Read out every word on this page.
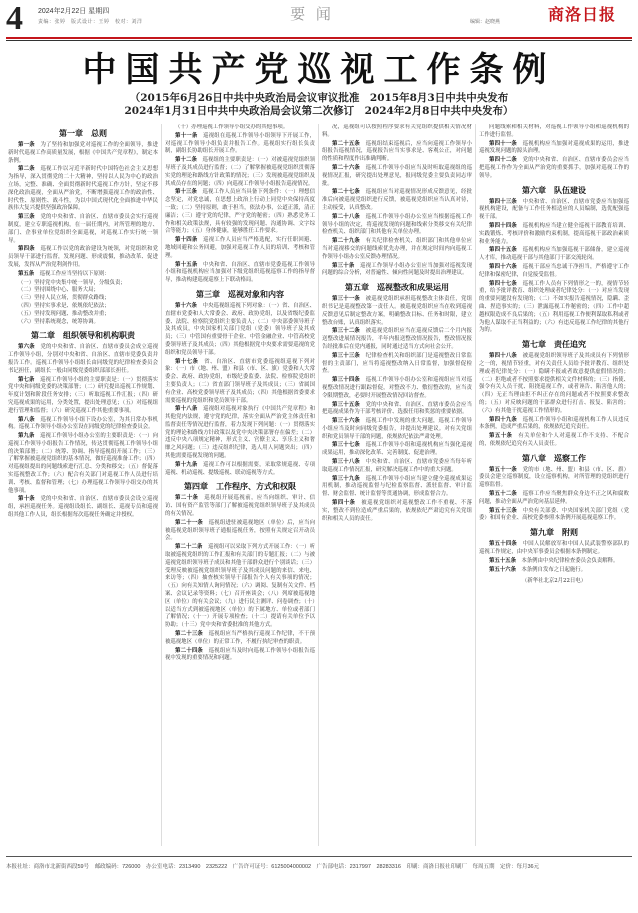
4 2024年2月22日 星期四
责编：张婷　版式设计：王婷　校对：刘洋	要 闻	编辑：赵晓燕	商洛日报
中国共产党巡视工作条例
（2015年6月26日中共中央政治局会议审议批准　2015年8月3日中共中央发布
2024年1月31日中共中央政治局会议第二次修订　2024年2月8日中共中央发布）

第一章　总则

第一条　 为了坚持和加强党对巡视工作的全面领导，推进新时代巡视工作高质量发展，根据《中国共产党章程》，制定本条例。

第二条　 巡视工作以习近平新时代中国特色社会主义思想为指导，深入贯彻党的二十大精神，坚持以人民为中心的政治立场，完整、准确、全面贯彻新时代巡视工作方针，坚定不移深化政治巡视，全面从严治党，不断增强巡视工作的政治性、时代性、原则性、战斗性，为以中国式现代化全面推进中华民族伟大复兴提供坚强政治保障。

第三条　 党的中央和省、自治区、直辖市委员会实行巡视制度，建立专职巡视机构，在一届任期内，对所管理的地方、部门、企事业单位党组织全面巡视，对巡视工作实行统一领导。

第四条　 巡视工作以党的政治建设为统领，对党组织和党员领导干部进行监督，发现问题、形成震慑，推动改革、促进发展，发挥从严治党利剑作用。

第五条　 巡视工作应当坚持以下原则：

（一）坚持党中央集中统一领导，分级负责；

（二）坚持围绕中心、服务大局；

（三）坚持人民立场，贯彻群众路线；

（四）坚持实事求是、依规依纪依法；

（五）坚持发现问题、推动整改并重；

（六）坚持系统观念，统筹协调。

第二章　组织领导和机构职责

第六条　 党的中央和省、自治区、直辖市委员会成立巡视工作领导小组，分别对中央和省、自治区、直辖市党委负责并报告工作。巡视工作领导小组组长由同级党的纪律检查委员会书记担任，副组长一般由同级党委组织部部长担任。

第七条　 巡视工作领导小组的主要职责是：（一）贯彻落实党中央和同级党委的决策部署；（二）研究提出巡视工作规划、年度计划和阶段任务安排；（三）听取巡视工作汇报；（四）研究巡视成果的运用，分类处置，提出处理意见；（五）对巡视组进行管理和监督；（六）研究巡视工作其他重要事项。

第八条　 巡视工作领导小组下设办公室，为其日常办事机构。巡视工作领导小组办公室设在同级党的纪律检查委员会。

第九条　 巡视工作领导小组办公室的主要职责是：（一）向巡视工作领导小组报告工作情况，传达贯彻巡视工作领导小组的决策部署；（二）统筹、协调、指导巡视组开展工作；（三）了解掌握被巡视党组织的基本情况，做好巡视准备工作；（四）对巡视组提出的问题线索进行汇总、分类和移交；（五）督促落实巡视整改工作；（六）配合有关部门对巡视工作人员进行培训、考核、监督和管理；（七）办理巡视工作领导小组交办的其他事项。

第十条　 党的中央和省、自治区、直辖市委员会设立巡视组，承担巡视任务。巡视组设组长、副组长、巡视专员和巡视组其他工作人员，组长根据每次巡视任务确定并授权。

（十）办理巡视工作领导小组交办的其他事项。

第十一条　 巡视组在巡视工作领导小组领导下开展工作，对巡视工作领导小组负责并报告工作。巡视组实行组长负责制，副组长协助组长开展工作。

第十二条　 巡视组的主要职责是：（一）对被巡视党组织领导班子及其成员进行监督；（二）了解掌握被巡视党组织贯彻落实党的理论和路线方针政策的情况；（三）发现被巡视党组织及其成员存在的问题；（四）向巡视工作领导小组报告巡视情况。

第十三条　 巡视工作人员应当具备下列条件：（一）理想信念坚定，对党忠诚，在思想上政治上行动上同党中央保持高度一致；（二）坚持原则，敢于担当，依法办事，公道正派，清正廉洁；（三）遵守党的纪律，严守党的秘密；（四）熟悉党务工作和相关政策法规，具有较强的发现问题、沟通协调、文字综合等能力；（五）身体健康，能够胜任工作要求。

第十四条　 巡视工作人员应当严格选配，实行任职回避、地域回避和公务回避，加强对巡视工作人员的培训、考核和管理。

第十五条　 中央和省、自治区、直辖市党委巡视工作领导小组和巡视机构应当加强对下级党组织巡视巡察工作的指导督导，推动构建巡视巡察上下联动格局。

第三章　巡视对象和内容

第十六条　 中央巡视组巡视下列对象：（一）省、自治区、直辖市党委和人大常委会、政府、政协党组，以及省级纪委监委、法院、检察院党组织主要负责人；（二）中央部委领导班子及其成员，中央国家机关部门党组（党委）领导班子及其成员；（三）中管国有重要骨干企业、中管金融企业、中管高校党委领导班子及其成员；（四）其他根据党中央要求需要巡视的党组织和党员领导干部。

第十七条　 省、自治区、直辖市党委巡视组巡视下列对象：（一）市（地、州、盟）和县（市、区、旗）党委和人大常委会、政府、政协党组，市级纪委监委、法院、检察院党组织主要负责人；（二）省直部门领导班子及其成员；（三）省属国有企业、高校党委领导班子及其成员；（四）其他根据省委要求需要巡视的党组织和党员领导干部。

第十八条　 巡视组对巡视对象执行《中国共产党章程》和其他党内法规，遵守党的纪律，落实全面从严治党主体责任和监督责任等情况进行监督，着力发现下列问题：（一）贯彻落实党的理论和路线方针政策以及党中央决策部署存在偏差；（二）违反中央八项规定精神，形式主义、官僚主义、享乐主义和奢靡之风问题；（三）违反组织纪律，选人用人问题突出；（四）其他需要巡视发现的问题。

第十九条　 巡视工作可以根据需要，采取常规巡视、专项巡视、机动巡视、提级巡视、联动巡视等方式。

第四章　工作程序、方式和权限

第二十条　 巡视组开展巡视前，应当向组织、审计、信访、国有资产监管等部门了解被巡视党组织领导班子及其成员的有关情况。

第二十一条　 巡视组进驻被巡视地区（单位）后，应当向被巡视党组织领导班子通报巡视任务，按照有关规定召开动员会。

第二十二条　 巡视组可以采取下列方式开展工作：（一）听取被巡视党组织的工作汇报和有关部门的专题汇报；（二）与被巡视党组织领导班子成员和其他干部群众进行个别谈话；（三）受理反映被巡视党组织领导班子及其成员问题的来信、来电、来访等；（四）抽查核实领导干部报告个人有关事项的情况；（五）向有关知情人询问情况；（六）调阅、复制有关文件、档案、会议记录等资料；（七）召开座谈会；（八）列席被巡视地区（单位）的有关会议；（九）进行民主测评、问卷调查；（十）以适当方式到被巡视地区（单位）的下属地方、单位或者部门了解情况；（十一）开展专项检查；（十二）提请有关单位予以协助；（十三）党中央和省委批准的其他方式。

第二十三条　 巡视组应当严格执行巡视工作纪律，不干预被巡视地区（单位）的正常工作，不履行执纪审查的职责。

第二十四条　 巡视组应当及时向巡视工作领导小组报告巡视中发现的重要情况和问题。

况，巡视组可以按照程序要求有关党组织提供相关情况材料。

第二十五条　 巡视组结束巡视后，应当向巡视工作领导小组报告巡视情况，巡视报告应当实事求是、客观公正，对问题的性质和程度作出准确判断。

第二十六条　 巡视工作领导小组应当及时听取巡视组的巡视情况汇报，研究提出处理意见，报同级党委主要负责同志审批。

第二十七条　 巡视组应当对巡视情况形成反馈意见，经批准后向被巡视党组织进行反馈，被巡视党组织应当认真对待，主动接受，认真整改。

第二十八条　 巡视工作领导小组办公室应当根据巡视工作领导小组的决定，将巡视发现的问题和线索分类移交有关纪律检查机关、组织部门和其他有关单位办理。

第二十九条　 有关纪律检查机关、组织部门和其他单位应当对巡视移交的问题线索优先办理，并在规定时间内向巡视工作领导小组办公室反馈办理情况。

第三十条　 巡视工作领导小组办公室应当加强对巡视发现问题的综合分析，对普遍性、倾向性问题及时提出治理建议。

第五章　巡视整改和成果运用

第三十一条　 被巡视党组织承担巡视整改主体责任，党组织书记是巡视整改第一责任人。被巡视党组织应当在收到巡视反馈意见后制定整改方案，明确整改目标、任务和时限，建立整改台账，认真组织落实。

第三十二条　 被巡视党组织应当在巡视反馈后二个月内报送整改进展情况报告，半年内报送整改情况报告，整改情况报告经批准后在党内通报，同时通过适当方式向社会公开。

第三十三条　 纪律检查机关和组织部门是巡视整改日常监督的主责部门，应当将巡视整改纳入日常监督，加强督促检查。

第三十四条　 巡视工作领导小组办公室和巡视组应当对巡视整改情况进行跟踪督促，对整改不力、敷衍整改的，应当责令限期整改，必要时开展整改情况回访督查。

第三十五条　 党的中央和省、自治区、直辖市委员会应当把巡视成果作为干部考核评价、选拔任用和奖惩的重要依据。

第三十六条　 巡视工作中发现的重大问题，巡视工作领导小组应当及时向同级党委报告，并提出处理建议。对有关党组织和党员领导干部的问题，依规依纪依法严肃处理。

第三十七条　 巡视工作领导小组和巡视机构应当强化巡视成果运用，推动深化改革、完善制度、促进治理。

第三十八条　 中央和省、自治区、直辖市党委应当每年听取巡视工作情况汇报，研究解决巡视工作中的重大问题。

第三十九条　 巡视工作领导小组应当建立健全巡视成果运用机制，推动巡视监督与纪检监察监督、派驻监督、审计监督、财会监督、统计监督等贯通协调，形成监督合力。

第四十条　 被巡视党组织对巡视整改工作不重视、不落实，整改不到位造成严重后果的，依规依纪严肃追究有关党组织和相关人员的责任。

问题线索和相关材料，对巡视工作领导小组和巡视机构的工作进行监督。

第四十一条　 巡视机构应当加强对巡视成果的运用，推进巡视发现问题的源头治理。

第四十二条　 党的中央和省、自治区、直辖市委员会应当把巡视工作作为全面从严治党的重要抓手，加强对巡视工作的领导。

第六章　队伍建设

第四十三条　 中央和省、自治区、直辖市党委应当加强巡视机构建设，配备与工作任务相适应的人员编制，选优配强巡视干部。

第四十四条　 巡视机构应当建立健全巡视干部教育培训、实践锻炼、考核评价和激励约束机制，提高巡视干部政治素质和业务能力。

第四十五条　 巡视机构应当加强巡视干部储备，建立巡视人才库，推动巡视干部与其他部门干部交流轮岗。

第四十六条　 巡视干部应当忠诚干净担当，严格遵守工作纪律和保密纪律，自觉接受监督。

第四十七条　 巡视工作人员有下列情形之一的，视情节轻重，给予批评教育、组织处理或者纪律处分：（一）对应当发现的重要问题没有发现的；（二）不如实报告巡视情况，隐瞒、歪曲、捏造事实的；（三）泄露巡视工作秘密的；（四）工作中超越权限造成不良后果的；（五）利用巡视工作便利谋取私利或者为他人谋取不正当利益的；（六）有违反巡视工作纪律的其他行为的。

第七章　责任追究

第四十八条　 被巡视党组织领导班子及其成员有下列情形之一的，视情节轻重，对有关责任人员给予批评教育、组织处理或者纪律处分：（一）隐瞒不报或者故意提供虚假情况的；（二）拒绝或者不按照要求提供相关文件材料的；（三）指使、强令有关人员干扰、阻挠巡视工作，或者诬告、陷害他人的；（四）无正当理由拒不纠正存在的问题或者不按照要求整改的；（五）对反映问题的干部群众进行打击、报复、陷害的；（六）有其他干扰巡视工作情形的。

第四十九条　 巡视工作领导小组和巡视机构工作人员违反本条例，造成严重后果的，依规依纪追究责任。

第五十条　 有关单位和个人对巡视工作不支持、不配合的，依规依纪追究有关人员责任。

第八章　巡察工作

第五十一条　 党的市（地、州、盟）和县（市、区、旗）委员会建立巡察制度，设立巡察机构，对所管理的党组织进行巡察监督。

第五十二条　 巡察工作应当聚焦群众身边不正之风和腐败问题，推动全面从严治党向基层延伸。

第五十三条　 中央有关部委、中央国家机关部门党组（党委）和国有企业、高校党委参照本条例开展巡视巡察工作。

第九章　附则

第五十四条　 中国人民解放军和中国人民武装警察部队的巡视工作规定，由中央军事委员会根据本条例制定。

第五十五条　 本条例由中央纪律检查委员会负责解释。

第五十六条　 本条例自发布之日起施行。

（新华社北京2月22日电）

本报社址：商洛市北新街西段59号　邮政编码：726000　办公室电话：2313490　2325222　广告许可证号：6125004000002　广告部电话：2317997　28283316　印刷：商洛日报社印刷厂　每周五期　定价：每月36元
